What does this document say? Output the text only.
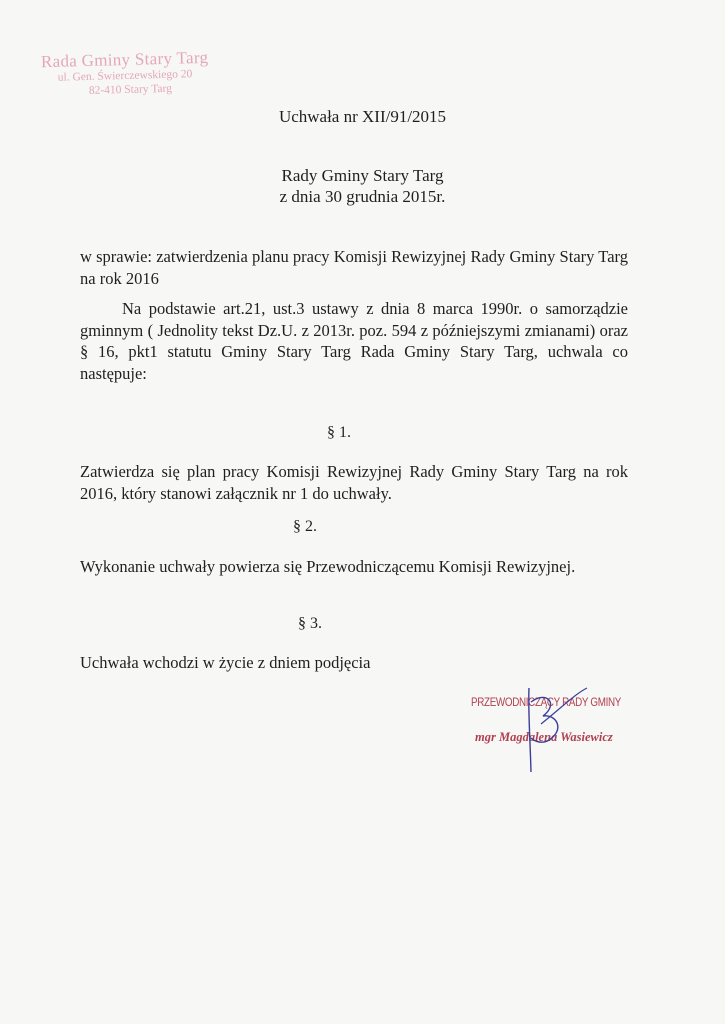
Rada Gminy Stary Targ
ul. Gen. Świerczewskiego 20
82-410 Stary Targ
Uchwała nr XII/91/2015
Rady Gminy Stary Targ
z dnia 30 grudnia 2015r.
w sprawie: zatwierdzenia planu pracy Komisji Rewizyjnej Rady Gminy Stary Targ na rok 2016
Na podstawie art.21, ust.3 ustawy z dnia 8 marca 1990r. o samorządzie gminnym ( Jednolity tekst Dz.U. z 2013r. poz. 594 z późniejszymi zmianami) oraz § 16, pkt1 statutu Gminy Stary Targ Rada Gminy Stary Targ, uchwala co następuje:
§ 1.
Zatwierdza się plan pracy Komisji Rewizyjnej Rady Gminy Stary Targ na rok 2016, który stanowi załącznik nr 1 do uchwały.
§ 2.
Wykonanie uchwały powierza się Przewodniczącemu Komisji Rewizyjnej.
§ 3.
Uchwała wchodzi w życie z dniem podjęcia
PRZEWODNICZĄCY RADY GMINY
mgr Magdalena Wasiewicz
